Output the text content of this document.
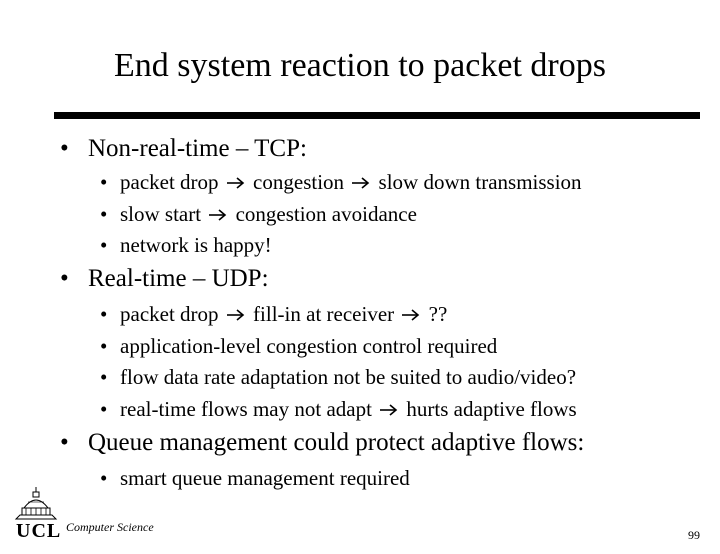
End system reaction to packet drops
• Non-real-time – TCP:
• packet drop congestion slow down transmission
• slow start congestion avoidance
• network is happy!
• Real-time – UDP:
• packet drop fill-in at receiver ??
• application-level congestion control required
• flow data rate adaptation not be suited to audio/video?
• real-time flows may not adapt hurts adaptive flows
• Queue management could protect adaptive flows:
• smart queue management required
UCL Computer Science
99
